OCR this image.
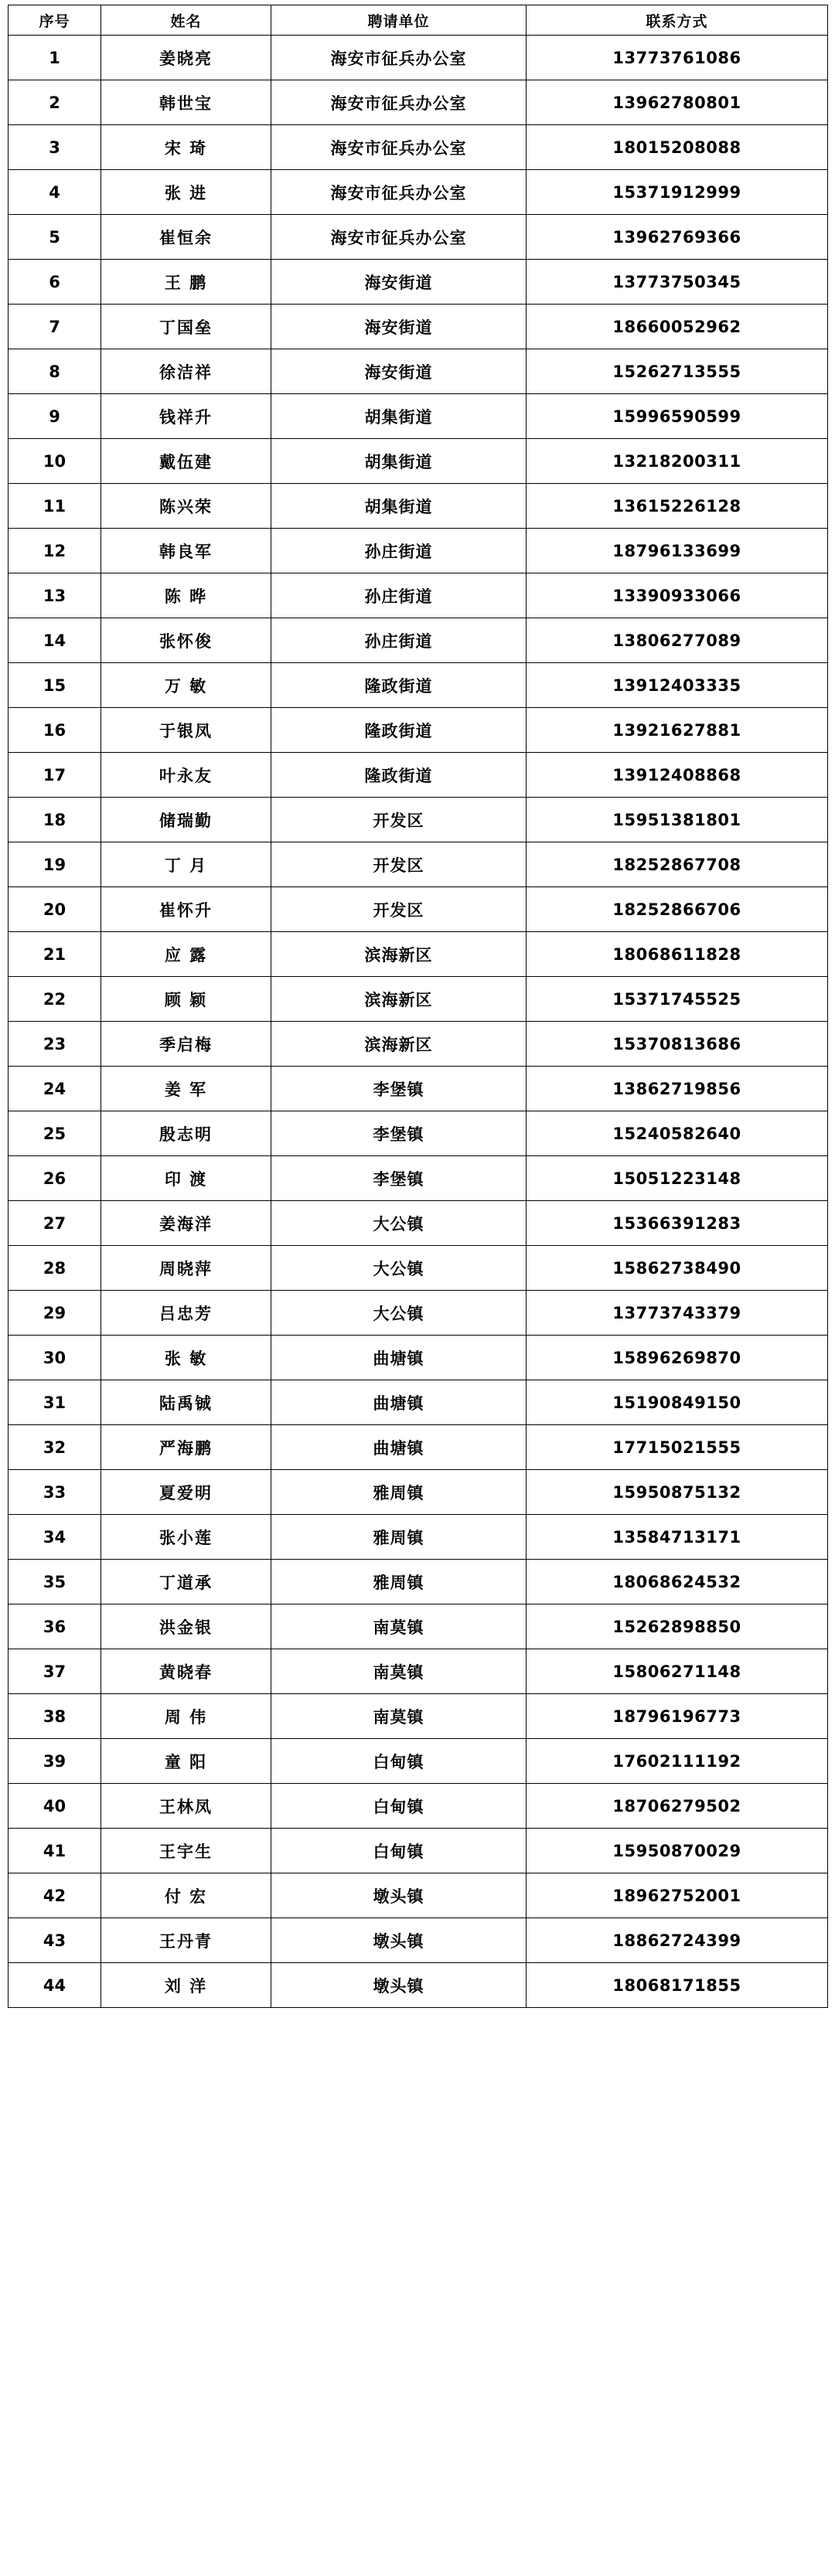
序号	姓名	聘请单位	联系方式
1	姜晓亮	海安市征兵办公室	13773761086
2	韩世宝	海安市征兵办公室	13962780801
3	宋 琦	海安市征兵办公室	18015208088
4	张 进	海安市征兵办公室	15371912999
5	崔恒余	海安市征兵办公室	13962769366
6	王 鹏	海安街道	13773750345
7	丁国垒	海安街道	18660052962
8	徐洁祥	海安街道	15262713555
9	钱祥升	胡集街道	15996590599
10	戴伍建	胡集街道	13218200311
11	陈兴荣	胡集街道	13615226128
12	韩良军	孙庄街道	18796133699
13	陈 晔	孙庄街道	13390933066
14	张怀俊	孙庄街道	13806277089
15	万 敏	隆政街道	13912403335
16	于银凤	隆政街道	13921627881
17	叶永友	隆政街道	13912408868
18	储瑞勤	开发区	15951381801
19	丁 月	开发区	18252867708
20	崔怀升	开发区	18252866706
21	应 露	滨海新区	18068611828
22	顾 颖	滨海新区	15371745525
23	季启梅	滨海新区	15370813686
24	姜 军	李堡镇	13862719856
25	殷志明	李堡镇	15240582640
26	印 渡	李堡镇	15051223148
27	姜海洋	大公镇	15366391283
28	周晓萍	大公镇	15862738490
29	吕忠芳	大公镇	13773743379
30	张 敏	曲塘镇	15896269870
31	陆禹铖	曲塘镇	15190849150
32	严海鹏	曲塘镇	17715021555
33	夏爱明	雅周镇	15950875132
34	张小莲	雅周镇	13584713171
35	丁道承	雅周镇	18068624532
36	洪金银	南莫镇	15262898850
37	黄晓春	南莫镇	15806271148
38	周 伟	南莫镇	18796196773
39	童 阳	白甸镇	17602111192
40	王林凤	白甸镇	18706279502
41	王宇生	白甸镇	15950870029
42	付 宏	墩头镇	18962752001
43	王丹青	墩头镇	18862724399
44	刘 洋	墩头镇	18068171855
